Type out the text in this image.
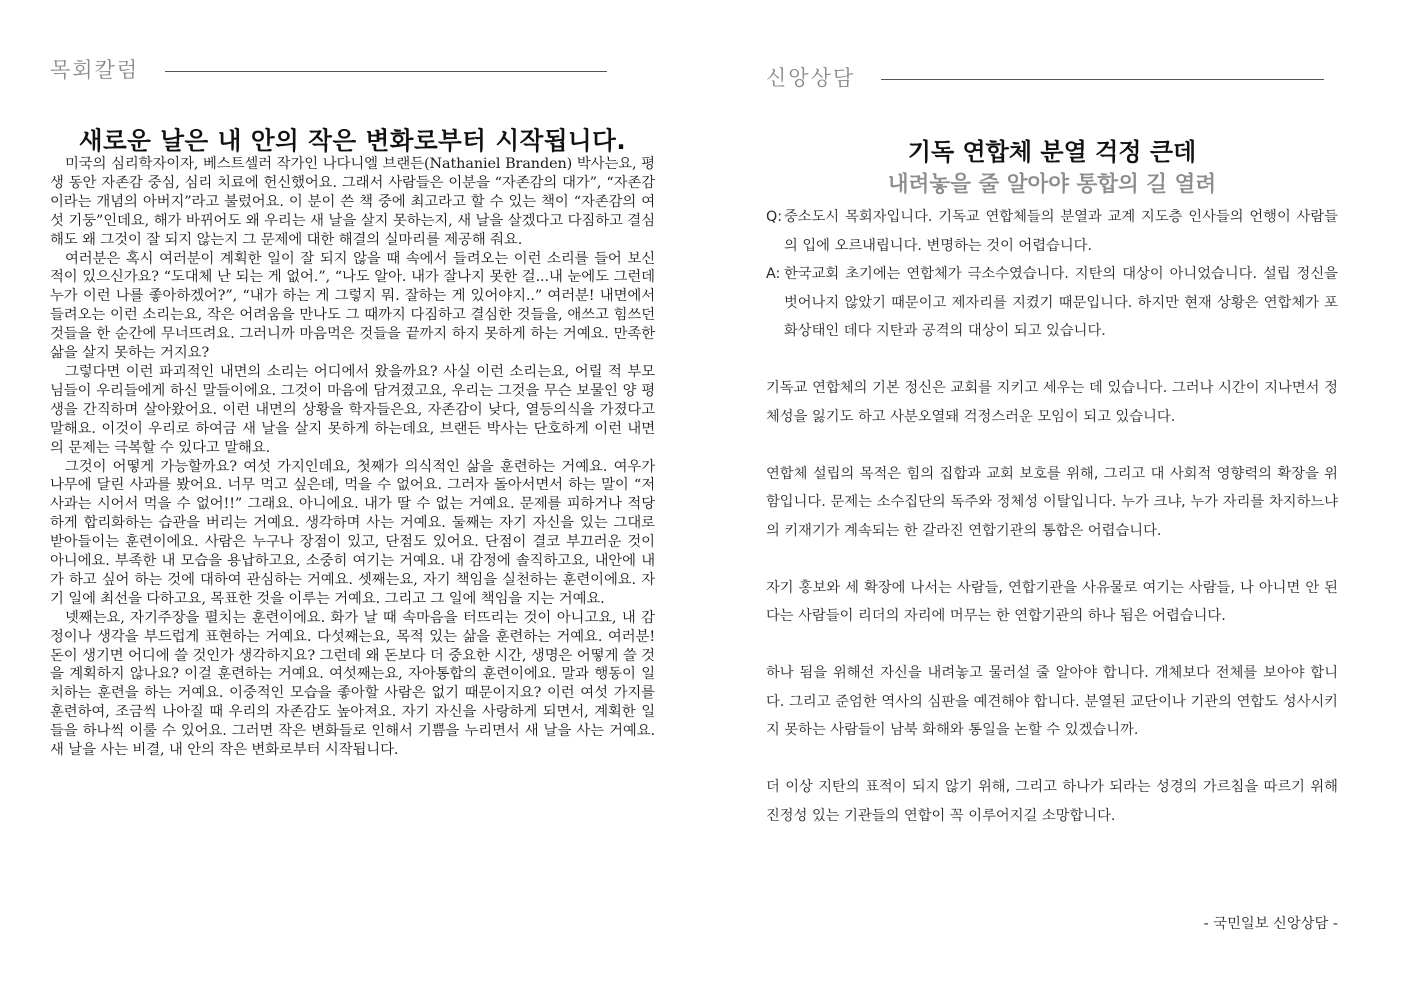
목회칼럼
새로운 날은 내 안의 작은 변화로부터 시작됩니다.

미국의 심리학자이자, 베스트셀러 작가인 나다니엘 브랜든(Nathaniel Branden) 박사는요, 평생 동안 자존감 중심, 심리 치료에 헌신했어요. 그래서 사람들은 이분을 “자존감의 대가”, “자존감이라는 개념의 아버지”라고 불렀어요. 이 분이 쓴 책 중에 최고라고 할 수 있는 책이 “자존감의 여섯 기둥”인데요, 해가 바뀌어도 왜 우리는 새 날을 살지 못하는지, 새 날을 살겠다고 다짐하고 결심해도 왜 그것이 잘 되지 않는지 그 문제에 대한 해결의 실마리를 제공해 줘요.

여러분은 혹시 여러분이 계획한 일이 잘 되지 않을 때 속에서 들려오는 이런 소리를 들어 보신 적이 있으신가요? “도대체 난 되는 게 없어.”, “나도 알아. 내가 잘나지 못한 걸...내 눈에도 그런데 누가 이런 나를 좋아하겠어?”, “내가 하는 게 그렇지 뭐. 잘하는 게 있어야지..” 여러분! 내면에서 들려오는 이런 소리는요, 작은 어려움을 만나도 그 때까지 다짐하고 결심한 것들을, 애쓰고 힘쓰던 것들을 한 순간에 무너뜨려요. 그러니까 마음먹은 것들을 끝까지 하지 못하게 하는 거예요. 만족한 삶을 살지 못하는 거지요?

그렇다면 이런 파괴적인 내면의 소리는 어디에서 왔을까요? 사실 이런 소리는요, 어릴 적 부모님들이 우리들에게 하신 말들이에요. 그것이 마음에 담겨졌고요, 우리는 그것을 무슨 보물인 양 평생을 간직하며 살아왔어요. 이런 내면의 상황을 학자들은요, 자존감이 낮다, 열등의식을 가졌다고 말해요. 이것이 우리로 하여금 새 날을 살지 못하게 하는데요, 브랜든 박사는 단호하게 이런 내면의 문제는 극복할 수 있다고 말해요.

그것이 어떻게 가능할까요? 여섯 가지인데요, 첫째가 의식적인 삶을 훈련하는 거예요. 여우가 나무에 달린 사과를 봤어요. 너무 먹고 싶은데, 먹을 수 없어요. 그러자 돌아서면서 하는 말이 “저 사과는 시어서 먹을 수 없어!!” 그래요. 아니에요. 내가 딸 수 없는 거예요. 문제를 피하거나 적당하게 합리화하는 습관을 버리는 거예요. 생각하며 사는 거예요. 둘째는 자기 자신을 있는 그대로 받아들이는 훈련이에요. 사람은 누구나 장점이 있고, 단점도 있어요. 단점이 결코 부끄러운 것이 아니에요. 부족한 내 모습을 용납하고요, 소중히 여기는 거예요. 내 감정에 솔직하고요, 내안에 내가 하고 싶어 하는 것에 대하여 관심하는 거예요. 셋째는요, 자기 책임을 실천하는 훈련이에요. 자기 일에 최선을 다하고요, 목표한 것을 이루는 거예요. 그리고 그 일에 책임을 지는 거예요.

넷째는요, 자기주장을 펼치는 훈련이에요. 화가 날 때 속마음을 터뜨리는 것이 아니고요, 내 감정이나 생각을 부드럽게 표현하는 거예요. 다섯째는요, 목적 있는 삶을 훈련하는 거예요. 여러분! 돈이 생기면 어디에 쓸 것인가 생각하지요? 그런데 왜 돈보다 더 중요한 시간, 생명은 어떻게 쓸 것을 계획하지 않나요? 이걸 훈련하는 거예요. 여섯째는요, 자아통합의 훈련이에요. 말과 행동이 일치하는 훈련을 하는 거예요. 이중적인 모습을 좋아할 사람은 없기 때문이지요? 이런 여섯 가지를 훈련하여, 조금씩 나아질 때 우리의 자존감도 높아져요. 자기 자신을 사랑하게 되면서, 계획한 일들을 하나씩 이룰 수 있어요. 그러면 작은 변화들로 인해서 기쁨을 누리면서 새 날을 사는 거예요. 새 날을 사는 비결, 내 안의 작은 변화로부터 시작됩니다.

신앙상담
기독 연합체 분열 걱정 큰데
내려놓을 줄 알아야 통합의 길 열려
Q: 중소도시 목회자입니다. 기독교 연합체들의 분열과 교계 지도층 인사들의 언행이 사람들의 입에 오르내립니다. 변명하는 것이 어렵습니다.
A: 한국교회 초기에는 연합체가 극소수였습니다. 지탄의 대상이 아니었습니다. 설립 정신을 벗어나지 않았기 때문이고 제자리를 지켰기 때문입니다. 하지만 현재 상황은 연합체가 포화상태인 데다 지탄과 공격의 대상이 되고 있습니다.

기독교 연합체의 기본 정신은 교회를 지키고 세우는 데 있습니다. 그러나 시간이 지나면서 정체성을 잃기도 하고 사분오열돼 걱정스러운 모임이 되고 있습니다.

연합체 설립의 목적은 힘의 집합과 교회 보호를 위해, 그리고 대 사회적 영향력의 확장을 위함입니다. 문제는 소수집단의 독주와 정체성 이탈입니다. 누가 크냐, 누가 자리를 차지하느냐의 키재기가 계속되는 한 갈라진 연합기관의 통합은 어렵습니다.

자기 홍보와 세 확장에 나서는 사람들, 연합기관을 사유물로 여기는 사람들, 나 아니면 안 된다는 사람들이 리더의 자리에 머무는 한 연합기관의 하나 됨은 어렵습니다.

하나 됨을 위해선 자신을 내려놓고 물러설 줄 알아야 합니다. 개체보다 전체를 보아야 합니다. 그리고 준엄한 역사의 심판을 예견해야 합니다. 분열된 교단이나 기관의 연합도 성사시키지 못하는 사람들이 남북 화해와 통일을 논할 수 있겠습니까.

더 이상 지탄의 표적이 되지 않기 위해, 그리고 하나가 되라는 성경의 가르침을 따르기 위해 진정성 있는 기관들의 연합이 꼭 이루어지길 소망합니다.

- 국민일보 신앙상담 -
